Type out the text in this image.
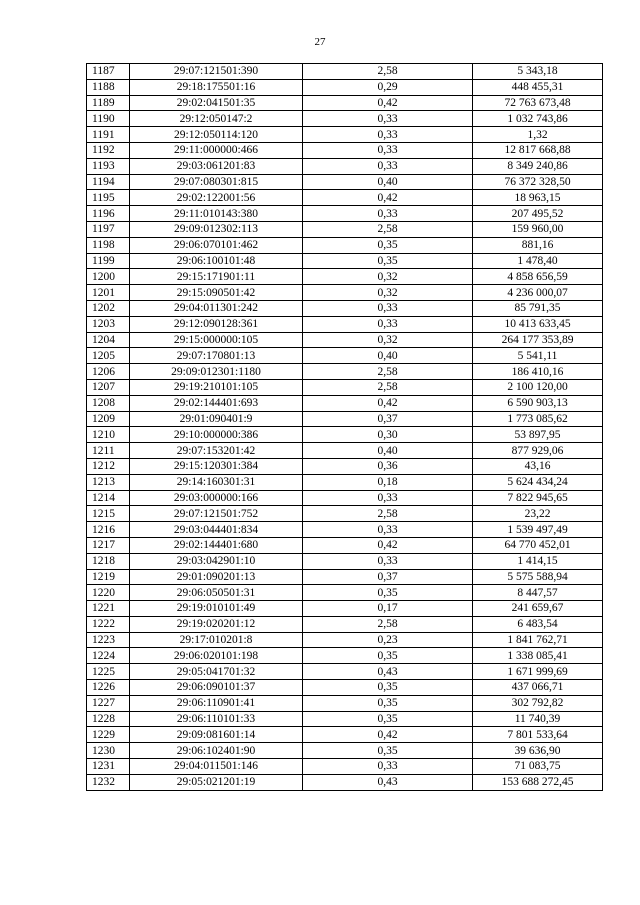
27
1187	29:07:121501:390	2,58	5 343,18
1188	29:18:175501:16	0,29	448 455,31
1189	29:02:041501:35	0,42	72 763 673,48
1190	29:12:050147:2	0,33	1 032 743,86
1191	29:12:050114:120	0,33	1,32
1192	29:11:000000:466	0,33	12 817 668,88
1193	29:03:061201:83	0,33	8 349 240,86
1194	29:07:080301:815	0,40	76 372 328,50
1195	29:02:122001:56	0,42	18 963,15
1196	29:11:010143:380	0,33	207 495,52
1197	29:09:012302:113	2,58	159 960,00
1198	29:06:070101:462	0,35	881,16
1199	29:06:100101:48	0,35	1 478,40
1200	29:15:171901:11	0,32	4 858 656,59
1201	29:15:090501:42	0,32	4 236 000,07
1202	29:04:011301:242	0,33	85 791,35
1203	29:12:090128:361	0,33	10 413 633,45
1204	29:15:000000:105	0,32	264 177 353,89
1205	29:07:170801:13	0,40	5 541,11
1206	29:09:012301:1180	2,58	186 410,16
1207	29:19:210101:105	2,58	2 100 120,00
1208	29:02:144401:693	0,42	6 590 903,13
1209	29:01:090401:9	0,37	1 773 085,62
1210	29:10:000000:386	0,30	53 897,95
1211	29:07:153201:42	0,40	877 929,06
1212	29:15:120301:384	0,36	43,16
1213	29:14:160301:31	0,18	5 624 434,24
1214	29:03:000000:166	0,33	7 822 945,65
1215	29:07:121501:752	2,58	23,22
1216	29:03:044401:834	0,33	1 539 497,49
1217	29:02:144401:680	0,42	64 770 452,01
1218	29:03:042901:10	0,33	1 414,15
1219	29:01:090201:13	0,37	5 575 588,94
1220	29:06:050501:31	0,35	8 447,57
1221	29:19:010101:49	0,17	241 659,67
1222	29:19:020201:12	2,58	6 483,54
1223	29:17:010201:8	0,23	1 841 762,71
1224	29:06:020101:198	0,35	1 338 085,41
1225	29:05:041701:32	0,43	1 671 999,69
1226	29:06:090101:37	0,35	437 066,71
1227	29:06:110901:41	0,35	302 792,82
1228	29:06:110101:33	0,35	11 740,39
1229	29:09:081601:14	0,42	7 801 533,64
1230	29:06:102401:90	0,35	39 636,90
1231	29:04:011501:146	0,33	71 083,75
1232	29:05:021201:19	0,43	153 688 272,45
